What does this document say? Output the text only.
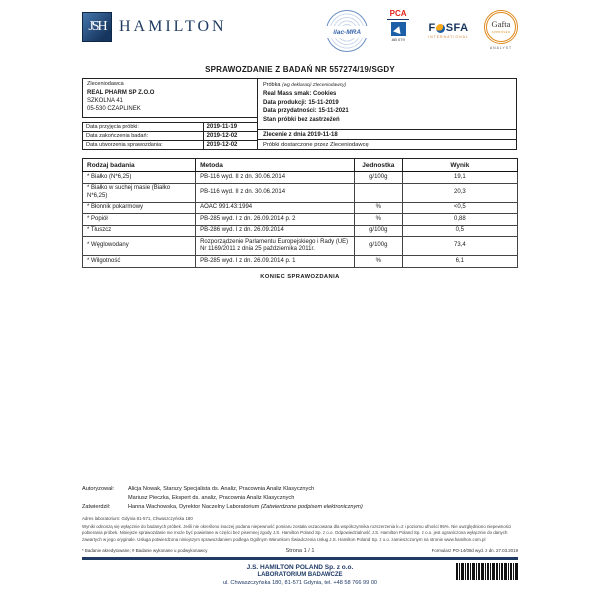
JSH HAMILTON	ilac-MRA
PCA
AB 079
F SFA
INTERNATIONAL
Gafta
APPROVED
ANALYST
SPRAWOZDANIE Z BADAŃ NR 557274/19/SGDY
Zleceniodawca
REAL PHARM SP Z.O.O
SZKOLNA 41
05-530 CZAPLINEK
Data przyjęcia próbki:	2019-11-19
Data zakończenia badań:	2019-12-02
Data utworzenia sprawozdania:	2019-12-02
Próbka (wg deklaracji Zleceniodawcy)
Real Mass smak: Cookies
Data produkcji: 15-11-2019
Data przydatności: 15-11-2021
Stan próbki bez zastrzeżeń
Zlecenie z dnia 2019-11-18
Próbki dostarczone przez Zleceniodawcę
Rodzaj badania	Metoda	Jednostka	Wynik
* Białko (N*6,25)	PB-116 wyd. II z dn. 30.06.2014	g/100g	19,1
* Białko w suchej masie (Białko N*6,25)	PB-116 wyd. II z dn. 30.06.2014		20,3
* Błonnik pokarmowy	AOAC 991.43:1994	%	<0,5
* Popiół	PB-285 wyd. I z dn. 26.09.2014 p. 2	%	0,88
* Tłuszcz	PB-286 wyd. I z dn. 26.09.2014	g/100g	0,5
* Węglowodany	Rozporządzenie Parlamentu Europejskiego i Rady (UE) Nr 1169/2011 z dnia 25 października 2011r.	g/100g	73,4
* Wilgotność	PB-285 wyd. I z dn. 26.09.2014 p. 1	%	6,1
KONIEC SPRAWOZDANIA
Autoryzował:	Alicja Nowak, Starszy Specjalista ds. Analiz, Pracownia Analiz Klasycznych
Mariusz Pieczka, Ekspert ds. analiz, Pracownia Analiz Klasycznych
Zatwierdził:	Hanna Wachowska, Dyrektor Naczelny Laboratorium (Zatwierdzone podpisem elektronicznym)
Adres laboratorium: Gdynia 81-571, Chwaszczyńska 180
Wyniki odnoszą się wyłącznie do badanych próbek. Jeśli nie określono inaczej podana niepewność pomiaru została oszacowana dla współczynnika rozszerzenia k=2 i poziomu ufności 95%. Nie uwzględniono niepewności pobierania próbek. Niniejsze sprawozdanie nie może być powielane w części bez pisemnej zgody J.S. Hamilton Poland Sp. z o.o. Odpowiedzialność J.S. Hamilton Poland Sp. z o.o. jest ograniczona wyłącznie do danych zawartych w jego oryginale. Usługa potwierdzona niniejszym sprawozdaniem podlega Ogólnym Warunkom Świadczenia Usług J.S. Hamilton Poland Sp. z o.o. zamieszczonym na stronie www.hamilton.com.pl
* Badanie akredytowane; # Badanie wykonane u podwykonawcy	Strona 1 / 1	Formularz PO-14/08d wyd. z dn. 27.03.2019
J.S. HAMILTON POLAND Sp. z o.o.
LABORATORIUM BADAWCZE
ul. Chwaszczyńska 180, 81-571 Gdynia, tel. +48 58 766 99 00
